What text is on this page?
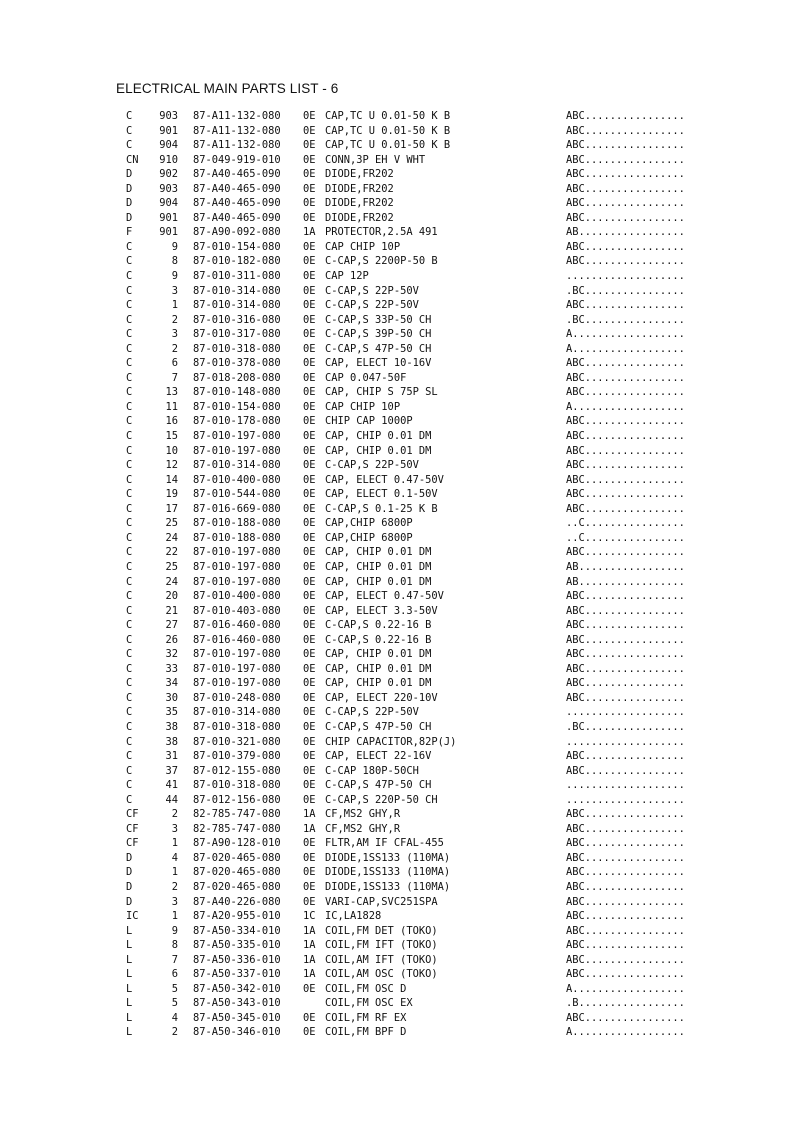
ELECTRICAL MAIN PARTS LIST - 6
C	903 87-A11-132-080 0E CAP,TC U 0.01-50 K B	ABC................
C	901 87-A11-132-080 0E CAP,TC U 0.01-50 K B	ABC................
C	904 87-A11-132-080 0E CAP,TC U 0.01-50 K B	ABC................
CN	910 87-049-919-010 0E CONN,3P EH V WHT	ABC................
D	902 87-A40-465-090 0E DIODE,FR202	ABC................
D	903 87-A40-465-090 0E DIODE,FR202	ABC................
D	904 87-A40-465-090 0E DIODE,FR202	ABC................
D	901 87-A40-465-090 0E DIODE,FR202	ABC................
F	901 87-A90-092-080 1A PROTECTOR,2.5A 491	AB.................
C	9 87-010-154-080 0E CAP CHIP 10P	ABC................
C	8 87-010-182-080 0E C-CAP,S 2200P-50 B	ABC................
C	9 87-010-311-080 0E CAP 12P	...................
C	3 87-010-314-080 0E C-CAP,S 22P-50V	.BC................
C	1 87-010-314-080 0E C-CAP,S 22P-50V	ABC................
C	2 87-010-316-080 0E C-CAP,S 33P-50 CH	.BC................
C	3 87-010-317-080 0E C-CAP,S 39P-50 CH	A..................
C	2 87-010-318-080 0E C-CAP,S 47P-50 CH	A..................
C	6 87-010-378-080 0E CAP, ELECT 10-16V	ABC................
C	7 87-018-208-080 0E CAP 0.047-50F	ABC................
C	13 87-010-148-080 0E CAP, CHIP S 75P SL	ABC................
C	11 87-010-154-080 0E CAP CHIP 10P	A..................
C	16 87-010-178-080 0E CHIP CAP 1000P	ABC................
C	15 87-010-197-080 0E CAP, CHIP 0.01 DM	ABC................
C	10 87-010-197-080 0E CAP, CHIP 0.01 DM	ABC................
C	12 87-010-314-080 0E C-CAP,S 22P-50V	ABC................
C	14 87-010-400-080 0E CAP, ELECT 0.47-50V	ABC................
C	19 87-010-544-080 0E CAP, ELECT 0.1-50V	ABC................
C	17 87-016-669-080 0E C-CAP,S 0.1-25 K B	ABC................
C	25 87-010-188-080 0E CAP,CHIP 6800P	..C................
C	24 87-010-188-080 0E CAP,CHIP 6800P	..C................
C	22 87-010-197-080 0E CAP, CHIP 0.01 DM	ABC................
C	25 87-010-197-080 0E CAP, CHIP 0.01 DM	AB.................
C	24 87-010-197-080 0E CAP, CHIP 0.01 DM	AB.................
C	20 87-010-400-080 0E CAP, ELECT 0.47-50V	ABC................
C	21 87-010-403-080 0E CAP, ELECT 3.3-50V	ABC................
C	27 87-016-460-080 0E C-CAP,S 0.22-16 B	ABC................
C	26 87-016-460-080 0E C-CAP,S 0.22-16 B	ABC................
C	32 87-010-197-080 0E CAP, CHIP 0.01 DM	ABC................
C	33 87-010-197-080 0E CAP, CHIP 0.01 DM	ABC................
C	34 87-010-197-080 0E CAP, CHIP 0.01 DM	ABC................
C	30 87-010-248-080 0E CAP, ELECT 220-10V	ABC................
C	35 87-010-314-080 0E C-CAP,S 22P-50V	...................
C	38 87-010-318-080 0E C-CAP,S 47P-50 CH	.BC................
C	38 87-010-321-080 0E CHIP CAPACITOR,82P(J)	...................
C	31 87-010-379-080 0E CAP, ELECT 22-16V	ABC................
C	37 87-012-155-080 0E C-CAP 180P-50CH	ABC................
C	41 87-010-318-080 0E C-CAP,S 47P-50 CH	...................
C	44 87-012-156-080 0E C-CAP,S 220P-50 CH	...................
CF	2 82-785-747-080 1A CF,MS2 GHY,R	ABC................
CF	3 82-785-747-080 1A CF,MS2 GHY,R	ABC................
CF	1 87-A90-128-010 0E FLTR,AM IF CFAL-455	ABC................
D	4 87-020-465-080 0E DIODE,1SS133 (110MA)	ABC................
D	1 87-020-465-080 0E DIODE,1SS133 (110MA)	ABC................
D	2 87-020-465-080 0E DIODE,1SS133 (110MA)	ABC................
D	3 87-A40-226-080 0E VARI-CAP,SVC251SPA	ABC................
IC	1 87-A20-955-010 1C IC,LA1828	ABC................
L	9 87-A50-334-010 1A COIL,FM DET (TOKO)	ABC................
L	8 87-A50-335-010 1A COIL,FM IFT (TOKO)	ABC................
L	7 87-A50-336-010 1A COIL,AM IFT (TOKO)	ABC................
L	6 87-A50-337-010 1A COIL,AM OSC (TOKO)	ABC................
L	5 87-A50-342-010 0E COIL,FM OSC D	A..................
L	5 87-A50-343-010	COIL,FM OSC EX	.B.................
L	4 87-A50-345-010 0E COIL,FM RF EX	ABC................
L	2 87-A50-346-010 0E COIL,FM BPF D	A..................
